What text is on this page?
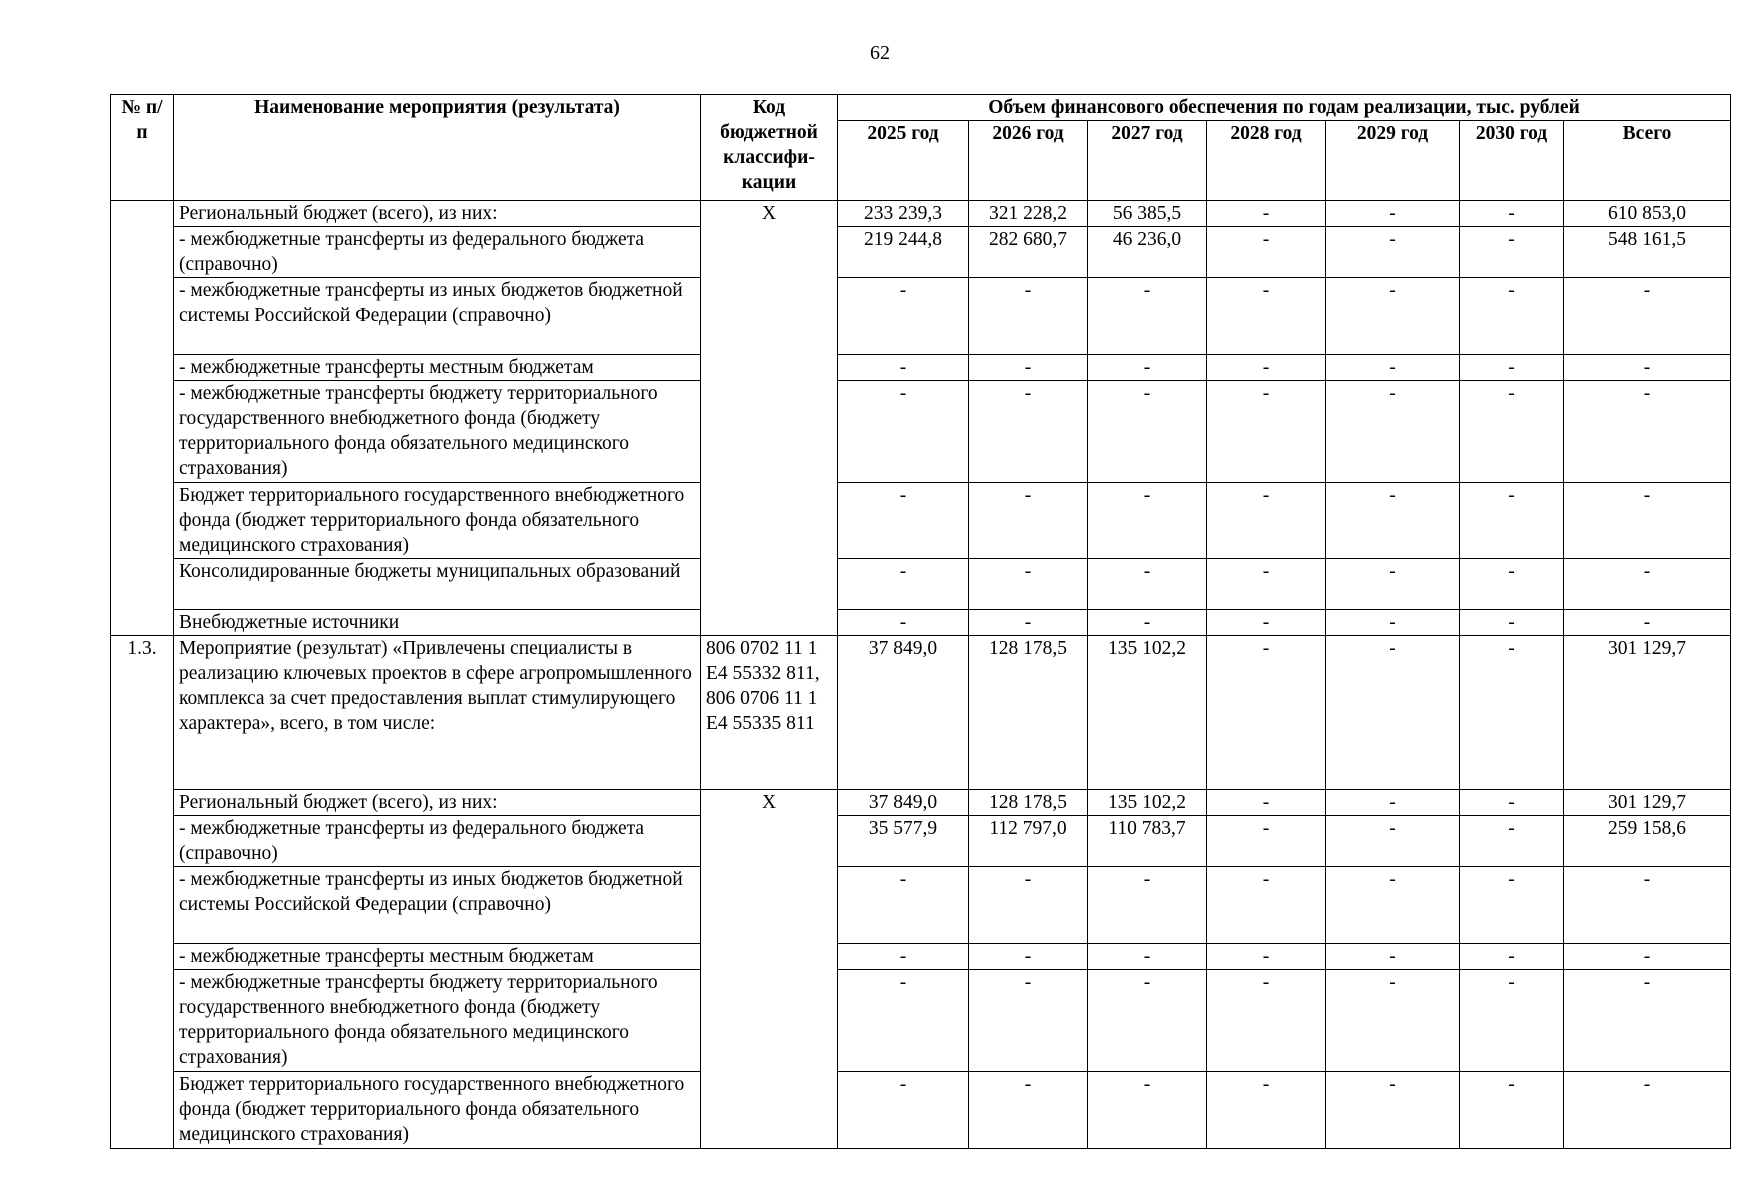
62
№ п/п	Наименование мероприятия (результата)	Код бюджетной классифи-кации	Объем финансового обеспечения по годам реализации, тыс. рублей						
			2025 год	2026 год	2027 год	2028 год	2029 год	2030 год	Всего
	Региональный бюджет (всего), из них:	X	233 239,3	321 228,2	56 385,5	-	-	-	610 853,0
	- межбюджетные трансферты из федерального бюджета (справочно)		219 244,8	282 680,7	46 236,0	-	-	-	548 161,5
	- межбюджетные трансферты из иных бюджетов бюджетной системы Российской Федерации (справочно)		-	-	-	-	-	-	-
	- межбюджетные трансферты местным бюджетам		-	-	-	-	-	-	-
	- межбюджетные трансферты бюджету территориального государственного внебюджетного фонда (бюджету территориального фонда обязательного медицинского страхования)		-	-	-	-	-	-	-
	Бюджет территориального государственного внебюджетного фонда (бюджет территориального фонда обязательного медицинского страхования)		-	-	-	-	-	-	-
	Консолидированные бюджеты муниципальных образований		-	-	-	-	-	-	-
	Внебюджетные источники		-	-	-	-	-	-	-
1.3.	Мероприятие (результат) «Привлечены специалисты в реализацию ключевых проектов в сфере агропромышленного комплекса за счет предоставления выплат стимулирующего характера», всего, в том числе:	806 0702 11 1 Е4 55332 811, 806 0706 11 1 Е4 55335 811	37 849,0	128 178,5	135 102,2	-	-	-	301 129,7
	Региональный бюджет (всего), из них:	X	37 849,0	128 178,5	135 102,2	-	-	-	301 129,7
	- межбюджетные трансферты из федерального бюджета (справочно)		35 577,9	112 797,0	110 783,7	-	-	-	259 158,6
	- межбюджетные трансферты из иных бюджетов бюджетной системы Российской Федерации (справочно)		-	-	-	-	-	-	-
	- межбюджетные трансферты местным бюджетам		-	-	-	-	-	-	-
	- межбюджетные трансферты бюджету территориального государственного внебюджетного фонда (бюджету территориального фонда обязательного медицинского страхования)		-	-	-	-	-	-	-
	Бюджет территориального государственного внебюджетного фонда (бюджет территориального фонда обязательного медицинского страхования)		-	-	-	-	-	-	-
